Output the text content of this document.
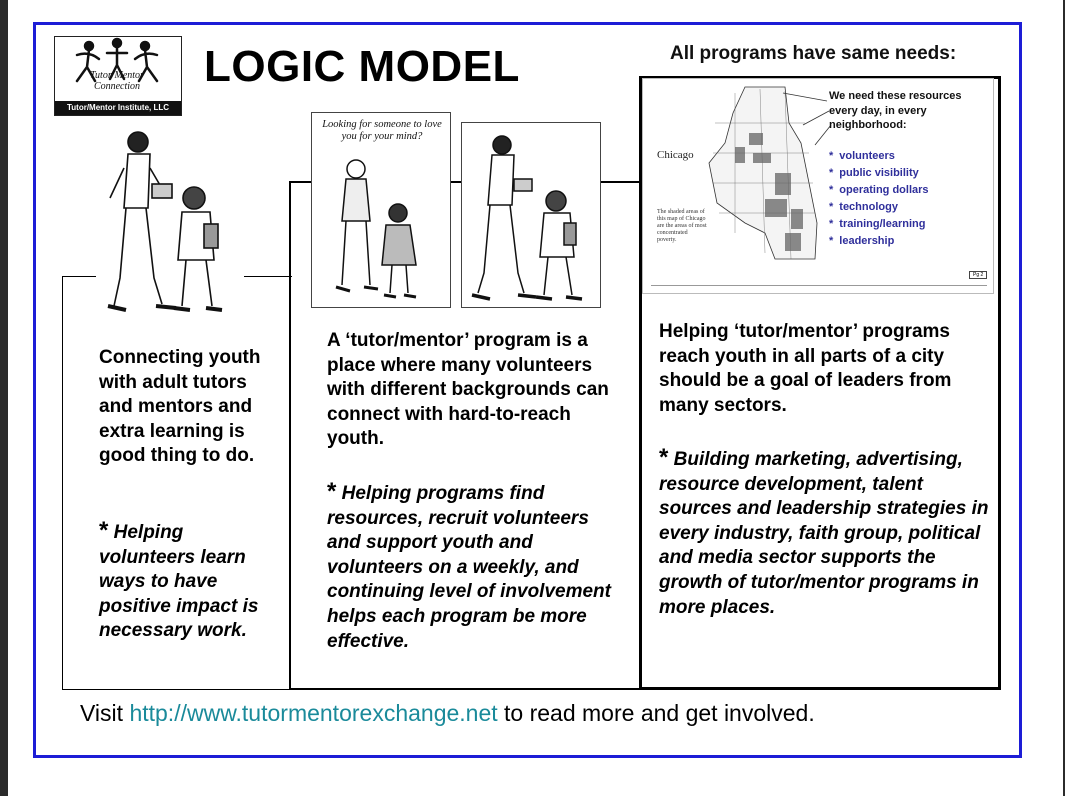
Tutor/Mentor
Connection
Tutor/Mentor Institute, LLC
LOGIC MODEL	All programs have same needs:
Connecting youth with adult tutors and mentors and extra learning is good thing to do.
* Helping volunteers learn ways to have positive impact is necessary work.
Looking for someone to love you for your mind?
A ‘tutor/mentor’ program is a place where many volunteers with different backgrounds can connect with hard-to-reach youth.
* Helping programs find resources, recruit volunteers and support youth and volunteers on a weekly, and continuing level of involvement helps each program be more effective.
Chicago
The shaded areas of this map of Chicago are the areas of most concentrated poverty.
We need these resources every day, in every neighborhood:
* volunteers
* public visibility
* operating dollars
* technology
* training/learning
* leadership
Pg 2
Helping ‘tutor/mentor’ programs reach youth in all parts of a city should be a goal of leaders from many sectors.
* Building marketing, advertising, resource development, talent sources and leadership strategies in every industry, faith group, political and media sector supports the growth of tutor/mentor programs in more places.
Visit http://www.tutormentorexchange.net to read more and get involved.
